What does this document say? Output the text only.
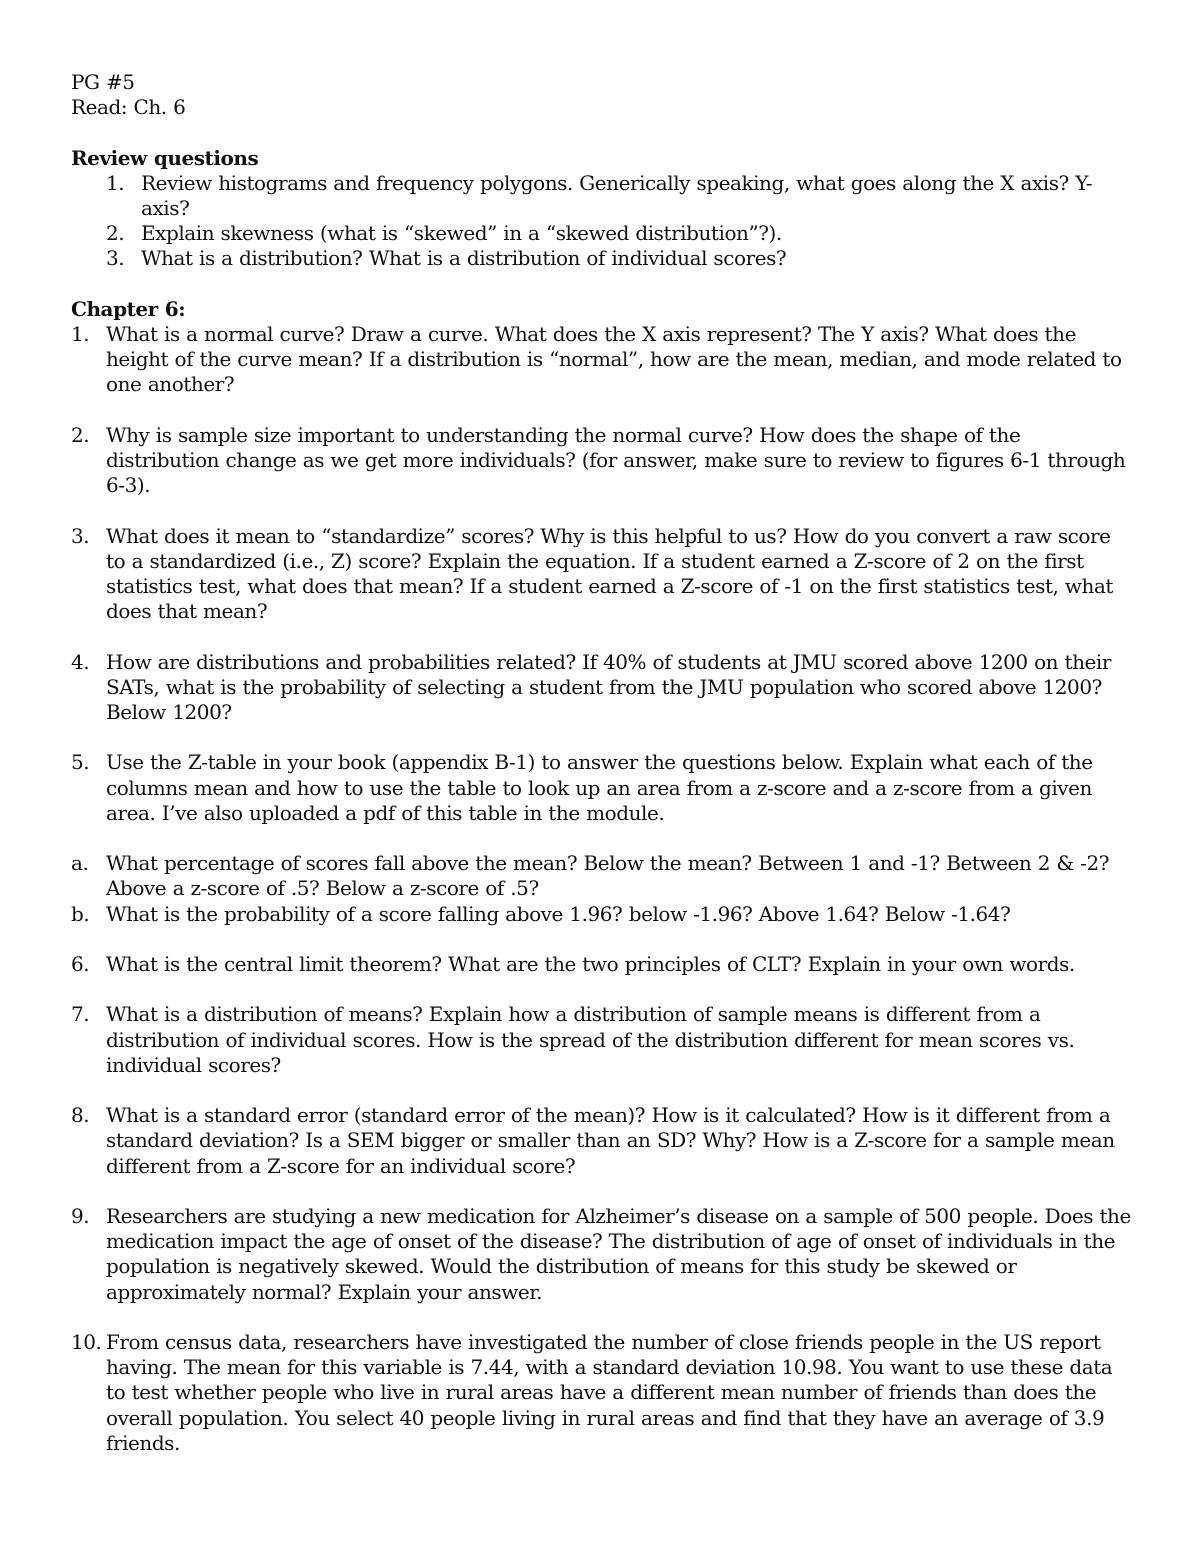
PG #5
Read: Ch. 6
Review questions
1. Review histograms and frequency polygons. Generically speaking, what goes along the X axis? Y-axis?
2. Explain skewness (what is “skewed” in a “skewed distribution”?).
3. What is a distribution? What is a distribution of individual scores?
Chapter 6:
1. What is a normal curve? Draw a curve. What does the X axis represent? The Y axis? What does the height of the curve mean? If a distribution is “normal”, how are the mean, median, and mode related to one another?
2. Why is sample size important to understanding the normal curve? How does the shape of the distribution change as we get more individuals? (for answer, make sure to review to figures 6-1 through 6-3).
3. What does it mean to “standardize” scores? Why is this helpful to us? How do you convert a raw score to a standardized (i.e., Z) score? Explain the equation. If a student earned a Z-score of 2 on the first statistics test, what does that mean? If a student earned a Z-score of -1 on the first statistics test, what does that mean?
4. How are distributions and probabilities related? If 40% of students at JMU scored above 1200 on their SATs, what is the probability of selecting a student from the JMU population who scored above 1200? Below 1200?
5. Use the Z-table in your book (appendix B-1) to answer the questions below. Explain what each of the columns mean and how to use the table to look up an area from a z-score and a z-score from a given area. I’ve also uploaded a pdf of this table in the module.
a. What percentage of scores fall above the mean? Below the mean? Between 1 and -1? Between 2 & -2? Above a z-score of .5? Below a z-score of .5?
b. What is the probability of a score falling above 1.96? below -1.96? Above 1.64? Below -1.64?
6. What is the central limit theorem? What are the two principles of CLT? Explain in your own words.
7. What is a distribution of means? Explain how a distribution of sample means is different from a distribution of individual scores. How is the spread of the distribution different for mean scores vs. individual scores?
8. What is a standard error (standard error of the mean)? How is it calculated? How is it different from a standard deviation? Is a SEM bigger or smaller than an SD? Why? How is a Z-score for a sample mean different from a Z-score for an individual score?
9. Researchers are studying a new medication for Alzheimer’s disease on a sample of 500 people. Does the medication impact the age of onset of the disease? The distribution of age of onset of individuals in the population is negatively skewed. Would the distribution of means for this study be skewed or approximately normal? Explain your answer.
10. From census data, researchers have investigated the number of close friends people in the US report having. The mean for this variable is 7.44, with a standard deviation 10.98. You want to use these data to test whether people who live in rural areas have a different mean number of friends than does the overall population. You select 40 people living in rural areas and find that they have an average of 3.9 friends.
